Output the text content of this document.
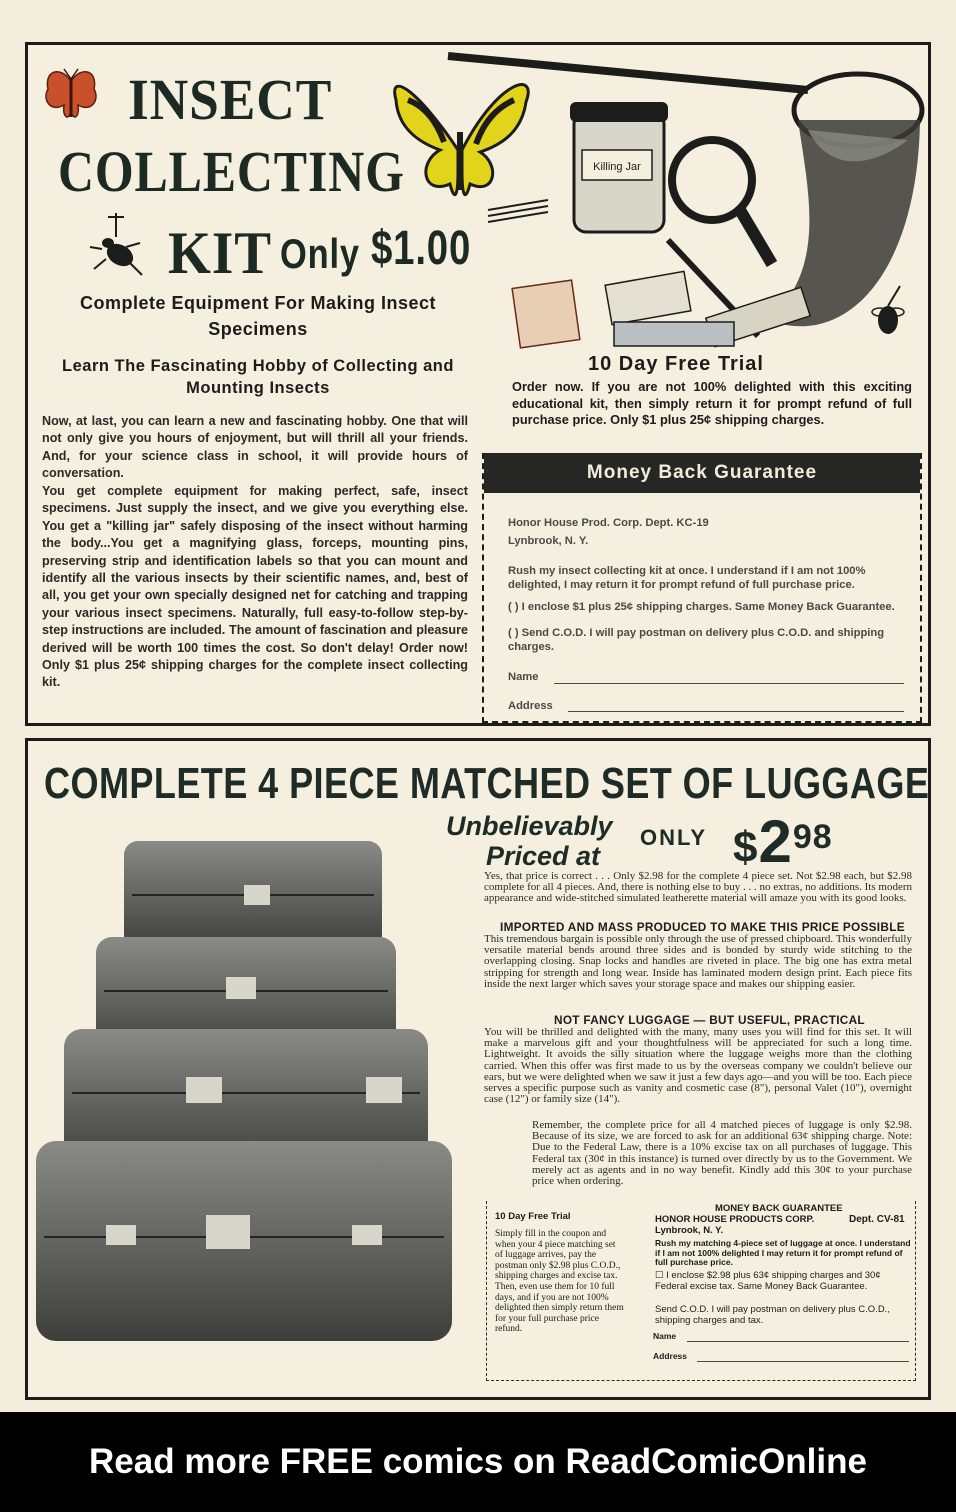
INSECT
COLLECTING
KIT Only $1.00
Complete Equipment For Making Insect Specimens
Learn The Fascinating Hobby of Collecting and Mounting Insects
Now, at last, you can learn a new and fascinating hobby. One that will not only give you hours of enjoyment, but will thrill all your friends. And, for your science class in school, it will provide hours of conversation.
You get complete equipment for making perfect, safe, insect specimens. Just supply the insect, and we give you everything else. You get a "killing jar" safely disposing of the insect without harming the body...You get a magnifying glass, forceps, mounting pins, preserving strip and identification labels so that you can mount and identify all the various insects by their scientific names, and, best of all, you get your own specially designed net for catching and trapping your various insect specimens. Naturally, full easy-to-follow step-by-step instructions are included. The amount of fascination and pleasure derived will be worth 100 times the cost. So don't delay! Order now! Only $1 plus 25¢ shipping charges for the complete insect collecting kit.
Killing Jar
10 Day Free Trial
Order now. If you are not 100% delighted with this exciting educational kit, then simply return it for prompt refund of full purchase price. Only $1 plus 25¢ shipping charges.
Money Back Guarantee
Honor House Prod. Corp. Dept. KC-19
Lynbrook, N. Y.
Rush my insect collecting kit at once. I understand if I am not 100% delighted, I may return it for prompt refund of full purchase price.
( ) I enclose $1 plus 25¢ shipping charges. Same Money Back Guarantee.
( ) Send C.O.D. I will pay postman on delivery plus C.O.D. and shipping charges.
Name
Address
COMPLETE 4 PIECE MATCHED SET OF LUGGAGE
Unbelievably
Priced at
ONLY $\$2^{98}$
Yes, that price is correct . . . Only $2.98 for the complete 4 piece set. Not $2.98 each, but $2.98 complete for all 4 pieces. And, there is nothing else to buy . . . no extras, no additions. Its modern appearance and wide-stitched simulated leatherette material will amaze you with its good looks.
IMPORTED AND MASS PRODUCED TO MAKE THIS PRICE POSSIBLE
This tremendous bargain is possible only through the use of pressed chipboard. This wonderfully versatile material bends around three sides and is bonded by sturdy wide stitching to the overlapping closing. Snap locks and handles are riveted in place. The big one has extra metal stripping for strength and long wear. Inside has laminated modern design print. Each piece fits inside the next larger which saves your storage space and makes our shipping easier.
NOT FANCY LUGGAGE — BUT USEFUL, PRACTICAL
You will be thrilled and delighted with the many, many uses you will find for this set. It will make a marvelous gift and your thoughtfulness will be appreciated for such a long time. Lightweight. It avoids the silly situation where the luggage weighs more than the clothing carried. When this offer was first made to us by the overseas company we couldn't believe our ears, but we were delighted when we saw it just a few days ago—and you will be too. Each piece serves a specific purpose such as vanity and cosmetic case (8"), personal Valet (10"), overnight case (12") or family size (14").
Remember, the complete price for all 4 matched pieces of luggage is only $2.98. Because of its size, we are forced to ask for an additional 63¢ shipping charge. Note: Due to the Federal Law, there is a 10% excise tax on all purchases of luggage. This Federal tax (30¢ in this instance) is turned over directly by us to the Government. We merely act as agents and in no way benefit. Kindly add this 30¢ to your purchase price when ordering.
10 Day Free Trial
Simply fill in the coupon and when your 4 piece matching set of luggage arrives, pay the postman only $2.98 plus C.O.D., shipping charges and excise tax. Then, even use them for 10 full days, and if you are not 100% delighted then simply return them for your full purchase price refund.
MONEY BACK GUARANTEE
HONOR HOUSE PRODUCTS CORP.	Dept. CV-81
Lynbrook, N. Y.
Rush my matching 4-piece set of luggage at once. I understand if I am not 100% delighted I may return it for prompt refund of full purchase price.
☐ I enclose $2.98 plus 63¢ shipping charges and 30¢ Federal excise tax. Same Money Back Guarantee.
Send C.O.D. I will pay postman on delivery plus C.O.D., shipping charges and tax.
Name
Address
Read more FREE comics on ReadComicOnline
